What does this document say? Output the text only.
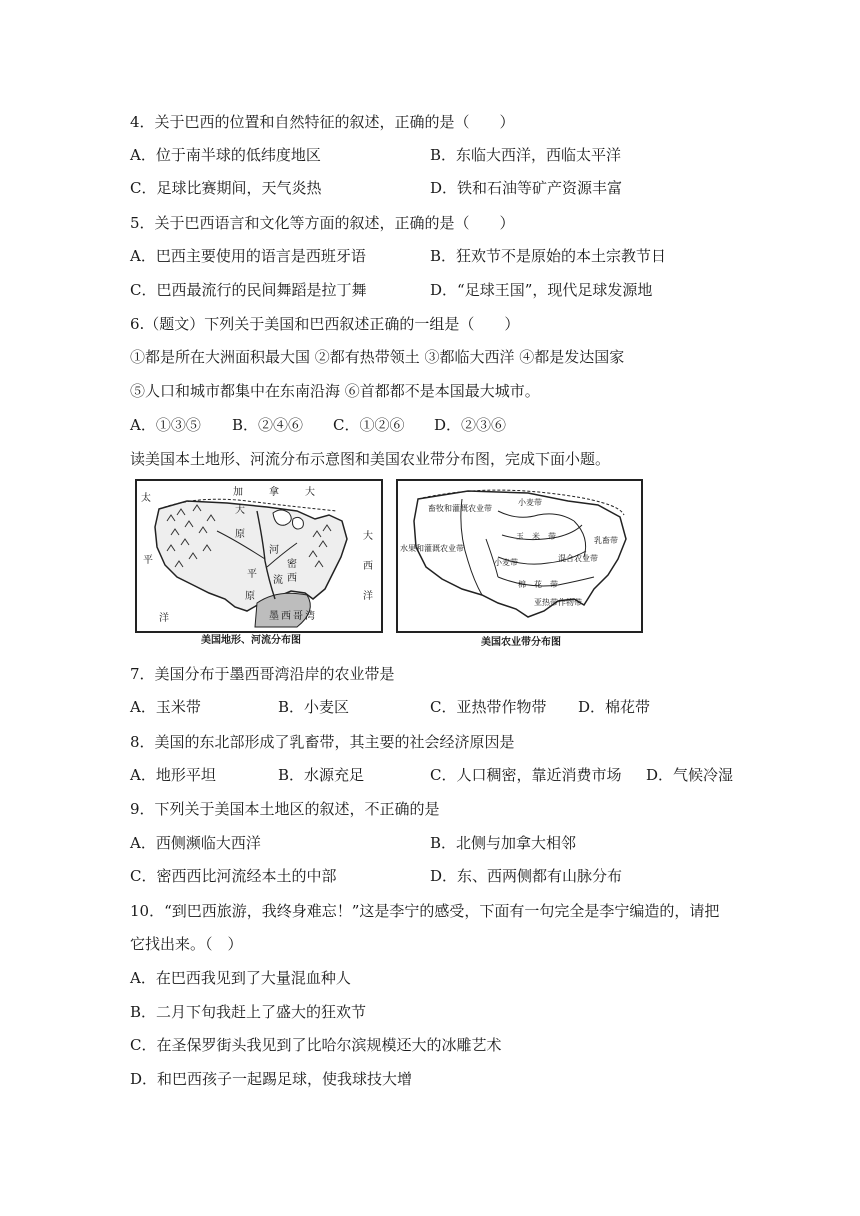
4．关于巴西的位置和自然特征的叙述，正确的是（　　）
A．位于南半球的低纬度地区	B．东临大西洋，西临太平洋
C．足球比赛期间，天气炎热	D．铁和石油等矿产资源丰富
5．关于巴西语言和文化等方面的叙述，正确的是（　　）
A．巴西主要使用的语言是西班牙语	B．狂欢节不是原始的本土宗教节日
C．巴西最流行的民间舞蹈是拉丁舞	D．“足球王国”，现代足球发源地
6.（题文）下列关于美国和巴西叙述正确的一组是（　　）
①都是所在大洲面积最大国 ②都有热带领土 ③都临大西洋 ④都是发达国家
⑤人口和城市都集中在东南沿海 ⑥首都都不是本国最大城市。
A．①③⑤ B．②④⑥ C．①②⑥ D．②③⑥
读美国本土地形、河流分布示意图和美国农业带分布图，完成下面小题。
加	拿	大
太
平
洋
大
西
洋
墨 西 哥 湾
原
平
原
河
流
密
西
大
美国地形、河流分布图
畜牧和灌溉农业带
小麦带
玉　米　带	乳畜带
水果和灌溉农业带
小麦带	混合农业带
棉　花　带
亚热带作物带
美国农业带分布图
7．美国分布于墨西哥湾沿岸的农业带是
A．玉米带	B．小麦区	C．亚热带作物带 D．棉花带
8．美国的东北部形成了乳畜带，其主要的社会经济原因是
A．地形平坦	B．水源充足	C．人口稠密，靠近消费市场 D．气候冷湿
9．下列关于美国本土地区的叙述，不正确的是
A．西侧濒临大西洋	B．北侧与加拿大相邻
C．密西西比河流经本土的中部	D．东、西两侧都有山脉分布
10．“到巴西旅游，我终身难忘！”这是李宁的感受，下面有一句完全是李宁编造的，请把
它找出来。（　）
A．在巴西我见到了大量混血种人
B．二月下旬我赶上了盛大的狂欢节
C．在圣保罗街头我见到了比哈尔滨规模还大的冰雕艺术
D．和巴西孩子一起踢足球，使我球技大增
